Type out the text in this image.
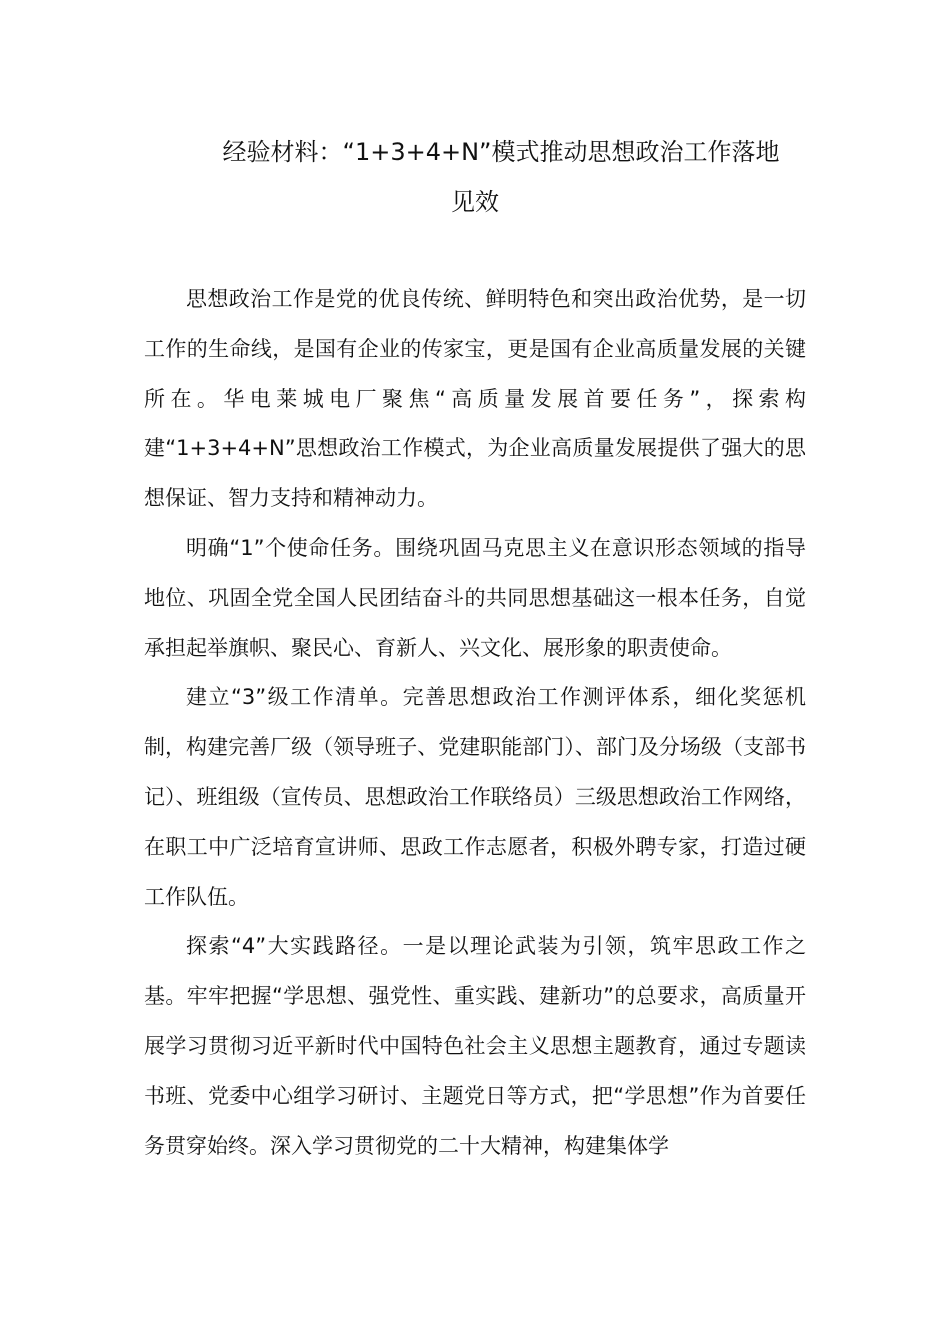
经验材料：“1+3+4+N”模式推动思想政治工作落地
见效

思想政治工作是党的优良传统、鲜明特色和突出政治优势，是一切工作的生命线，是国有企业的传家宝，更是国有企业高质量发展的关键所在。华电莱城电厂聚焦“高质量发展首要任务”，探索构建“1+3+4+N”思想政治工作模式，为企业高质量发展提供了强大的思想保证、智力支持和精神动力。

明确“1”个使命任务。围绕巩固马克思主义在意识形态领域的指导地位、巩固全党全国人民团结奋斗的共同思想基础这一根本任务，自觉承担起举旗帜、聚民心、育新人、兴文化、展形象的职责使命。

建立“3”级工作清单。完善思想政治工作测评体系，细化奖惩机制，构建完善厂级（领导班子、党建职能部门）、部门及分场级（支部书记）、班组级（宣传员、思想政治工作联络员）三级思想政治工作网络，在职工中广泛培育宣讲师、思政工作志愿者，积极外聘专家，打造过硬工作队伍。

探索“4”大实践路径。一是以理论武装为引领，筑牢思政工作之基。牢牢把握“学思想、强党性、重实践、建新功”的总要求，高质量开展学习贯彻习近平新时代中国特色社会主义思想主题教育，通过专题读书班、党委中心组学习研讨、主题党日等方式，把“学思想”作为首要任务贯穿始终。深入学习贯彻党的二十大精神，构建集体学
